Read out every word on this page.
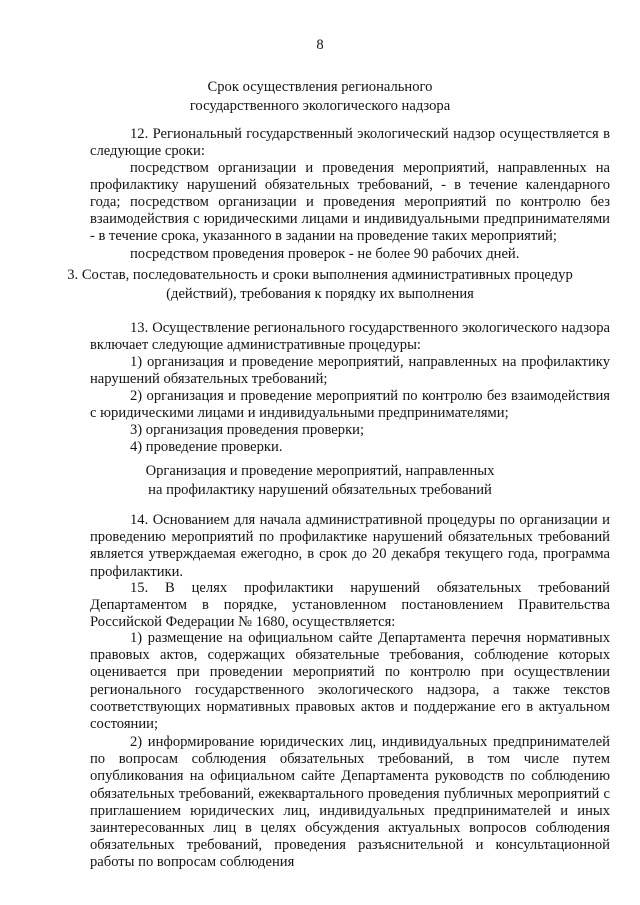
8
Срок осуществления регионального
государственного экологического надзора

12. Региональный государственный экологический надзор осуществляется в следующие сроки:

посредством организации и проведения мероприятий, направленных на профилактику нарушений обязательных требований, - в течение календарного года; посредством организации и проведения мероприятий по контролю без взаимодействия с юридическими лицами и индивидуальными предпринимателями - в течение срока, указанного в задании на проведение таких мероприятий;

посредством проведения проверок - не более 90 рабочих дней.

3. Состав, последовательность и сроки выполнения административных процедур
(действий), требования к порядку их выполнения

13. Осуществление регионального государственного экологического надзора включает следующие административные процедуры:

1) организация и проведение мероприятий, направленных на профилактику нарушений обязательных требований;

2) организация и проведение мероприятий по контролю без взаимодействия с юридическими лицами и индивидуальными предпринимателями;

3) организация проведения проверки;

4) проведение проверки.

Организация и проведение мероприятий, направленных
на профилактику нарушений обязательных требований

14. Основанием для начала административной процедуры по организации и проведению мероприятий по профилактике нарушений обязательных требований является утверждаемая ежегодно, в срок до 20 декабря текущего года, программа профилактики.

15. В целях профилактики нарушений обязательных требований Департаментом в порядке, установленном постановлением Правительства Российской Федерации № 1680, осуществляется:

1) размещение на официальном сайте Департамента перечня нормативных правовых актов, содержащих обязательные требования, соблюдение которых оценивается при проведении мероприятий по контролю при осуществлении регионального государственного экологического надзора, а также текстов соответствующих нормативных правовых актов и поддержание его в актуальном состоянии;

2) информирование юридических лиц, индивидуальных предпринимателей по вопросам соблюдения обязательных требований, в том числе путем опубликования на официальном сайте Департамента руководств по соблюдению обязательных требований, ежеквартального проведения публичных мероприятий с приглашением юридических лиц, индивидуальных предпринимателей и иных заинтересованных лиц в целях обсуждения актуальных вопросов соблюдения обязательных требований, проведения разъяснительной и консультационной работы по вопросам соблюдения
